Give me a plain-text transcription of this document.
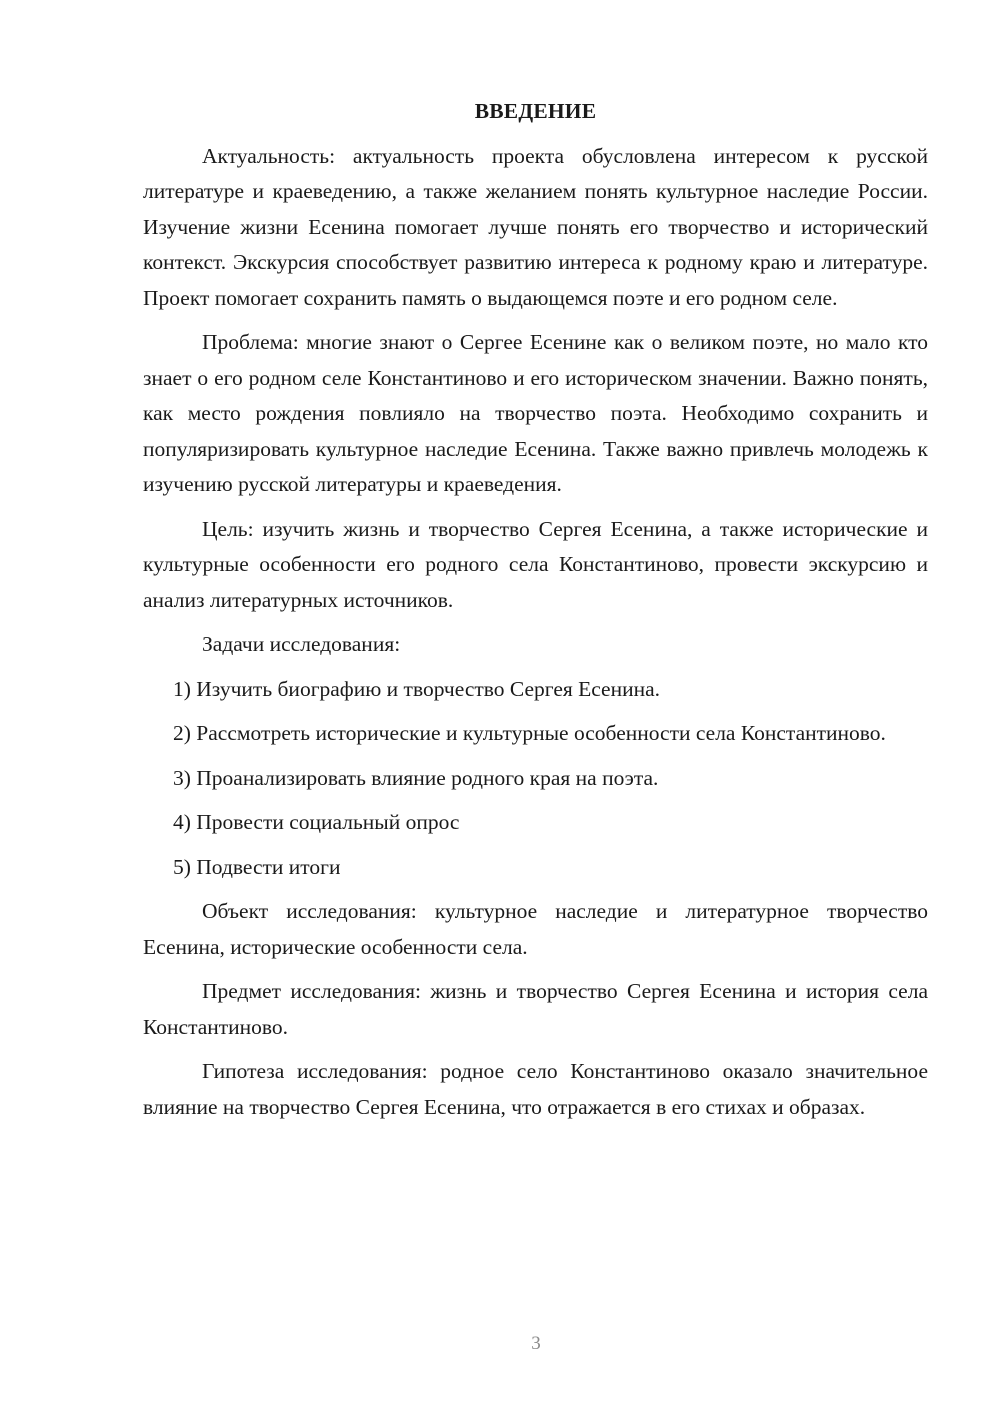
ВВЕДЕНИЕ

Актуальность: актуальность проекта обусловлена интересом к русской литературе и краеведению, а также желанием понять культурное наследие России. Изучение жизни Есенина помогает лучше понять его творчество и исторический контекст. Экскурсия способствует развитию интереса к родному краю и литературе. Проект помогает сохранить память о выдающемся поэте и его родном селе.

Проблема: многие знают о Сергее Есенине как о великом поэте, но мало кто знает о его родном селе Константиново и его историческом значении. Важно понять, как место рождения повлияло на творчество поэта. Необходимо сохранить и популяризировать культурное наследие Есенина. Также важно привлечь молодежь к изучению русской литературы и краеведения.

Цель: изучить жизнь и творчество Сергея Есенина, а также исторические и культурные особенности его родного села Константиново, провести экскурсию и анализ литературных источников.

Задачи исследования:

1) Изучить биографию и творчество Сергея Есенина.

2) Рассмотреть исторические и культурные особенности села Константиново.

3) Проанализировать влияние родного края на поэта.

4) Провести социальный опрос

5) Подвести итоги

Объект исследования: культурное наследие и литературное творчество Есенина, исторические особенности села.

Предмет исследования: жизнь и творчество Сергея Есенина и история села Константиново.

Гипотеза исследования: родное село Константиново оказало значительное влияние на творчество Сергея Есенина, что отражается в его стихах и образах.

3
